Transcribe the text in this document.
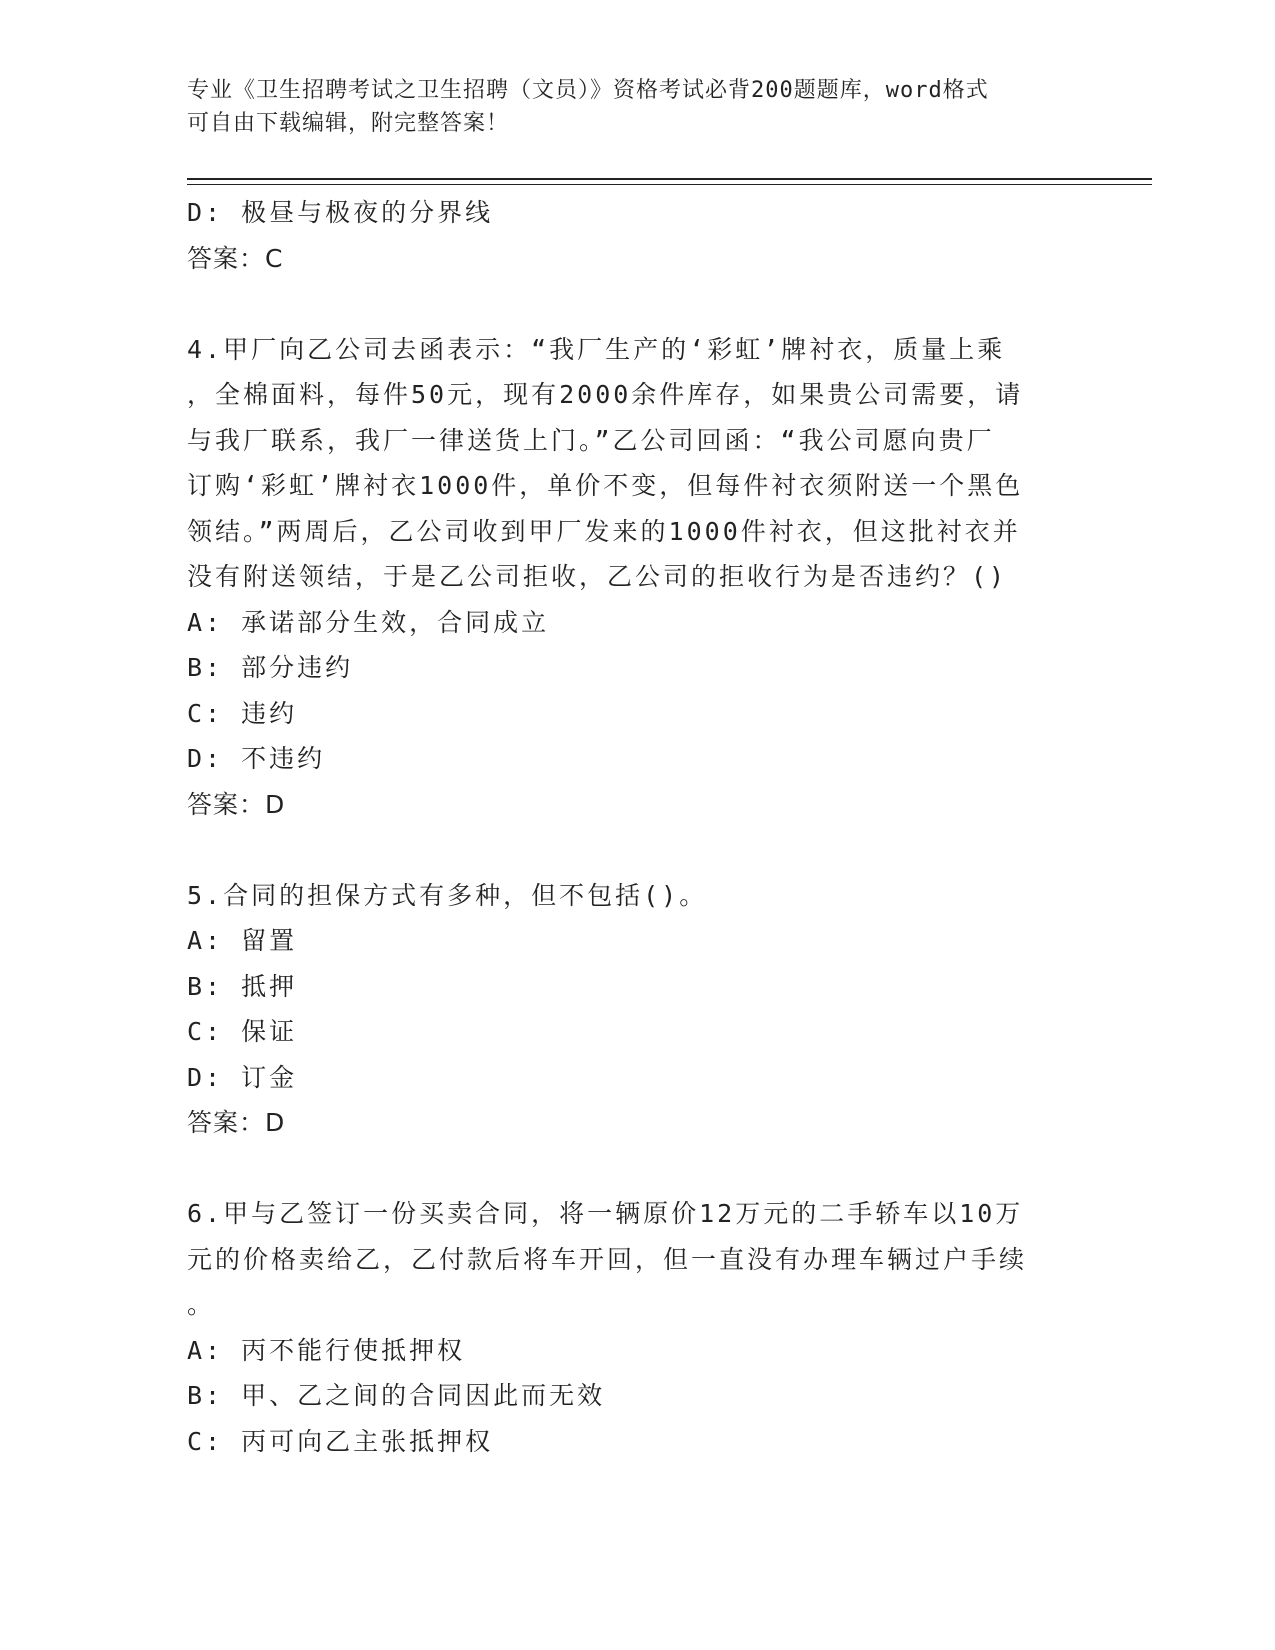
专业《卫生招聘考试之卫生招聘（文员）》资格考试必背200题题库，word格式
可自由下载编辑，附完整答案！
D: 极昼与极夜的分界线
答案：C
4.甲厂向乙公司去函表示：“我厂生产的‘彩虹’牌衬衣，质量上乘
，全棉面料，每件50元，现有2000余件库存，如果贵公司需要，请
与我厂联系，我厂一律送货上门。”乙公司回函：“我公司愿向贵厂
订购‘彩虹’牌衬衣1000件，单价不变，但每件衬衣须附送一个黑色
领结。”两周后，乙公司收到甲厂发来的1000件衬衣，但这批衬衣并
没有附送领结，于是乙公司拒收，乙公司的拒收行为是否违约？()
A: 承诺部分生效，合同成立
B: 部分违约
C: 违约
D: 不违约
答案：D
5.合同的担保方式有多种，但不包括()。
A: 留置
B: 抵押
C: 保证
D: 订金
答案：D
6.甲与乙签订一份买卖合同，将一辆原价12万元的二手轿车以10万
元的价格卖给乙，乙付款后将车开回，但一直没有办理车辆过户手续
。
A: 丙不能行使抵押权
B: 甲、乙之间的合同因此而无效
C: 丙可向乙主张抵押权
